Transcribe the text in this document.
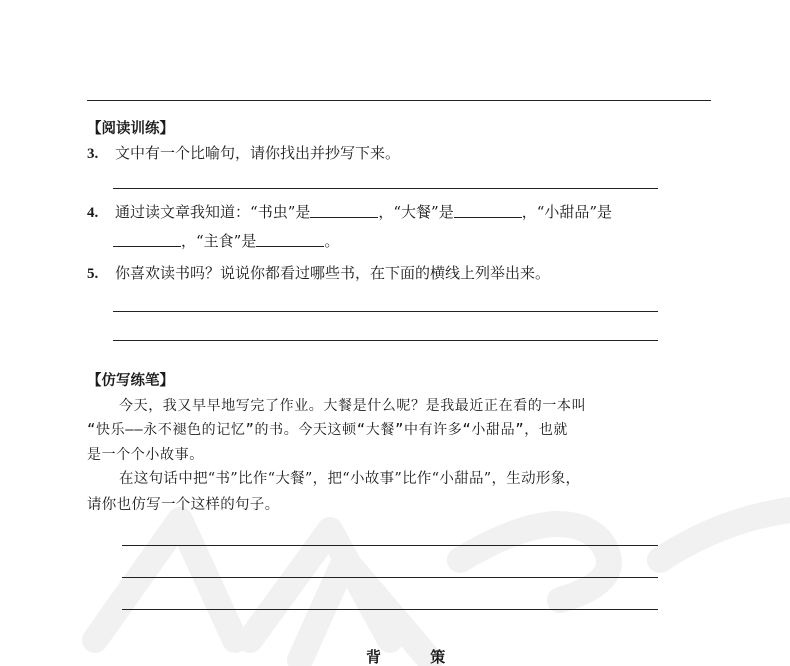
【阅读训练】
3. 文中有一个比喻句，请你找出并抄写下来。
4. 通过读文章我知道：“书虫”是	，“大餐”是	，“小甜品”是
，“主食”是	。
5. 你喜欢读书吗？说说你都看过哪些书，在下面的横线上列举出来。
【仿写练笔】
今天，我又早早地写完了作业。大餐是什么呢？是我最近正在看的一本叫
“快乐——永不褪色的记忆”的书。今天这顿“大餐”中有许多“小甜品”，也就
是一个个小故事。
在这句话中把“书”比作“大餐”，把“小故事”比作“小甜品”，生动形象，
请你也仿写一个这样的句子。
背 策
